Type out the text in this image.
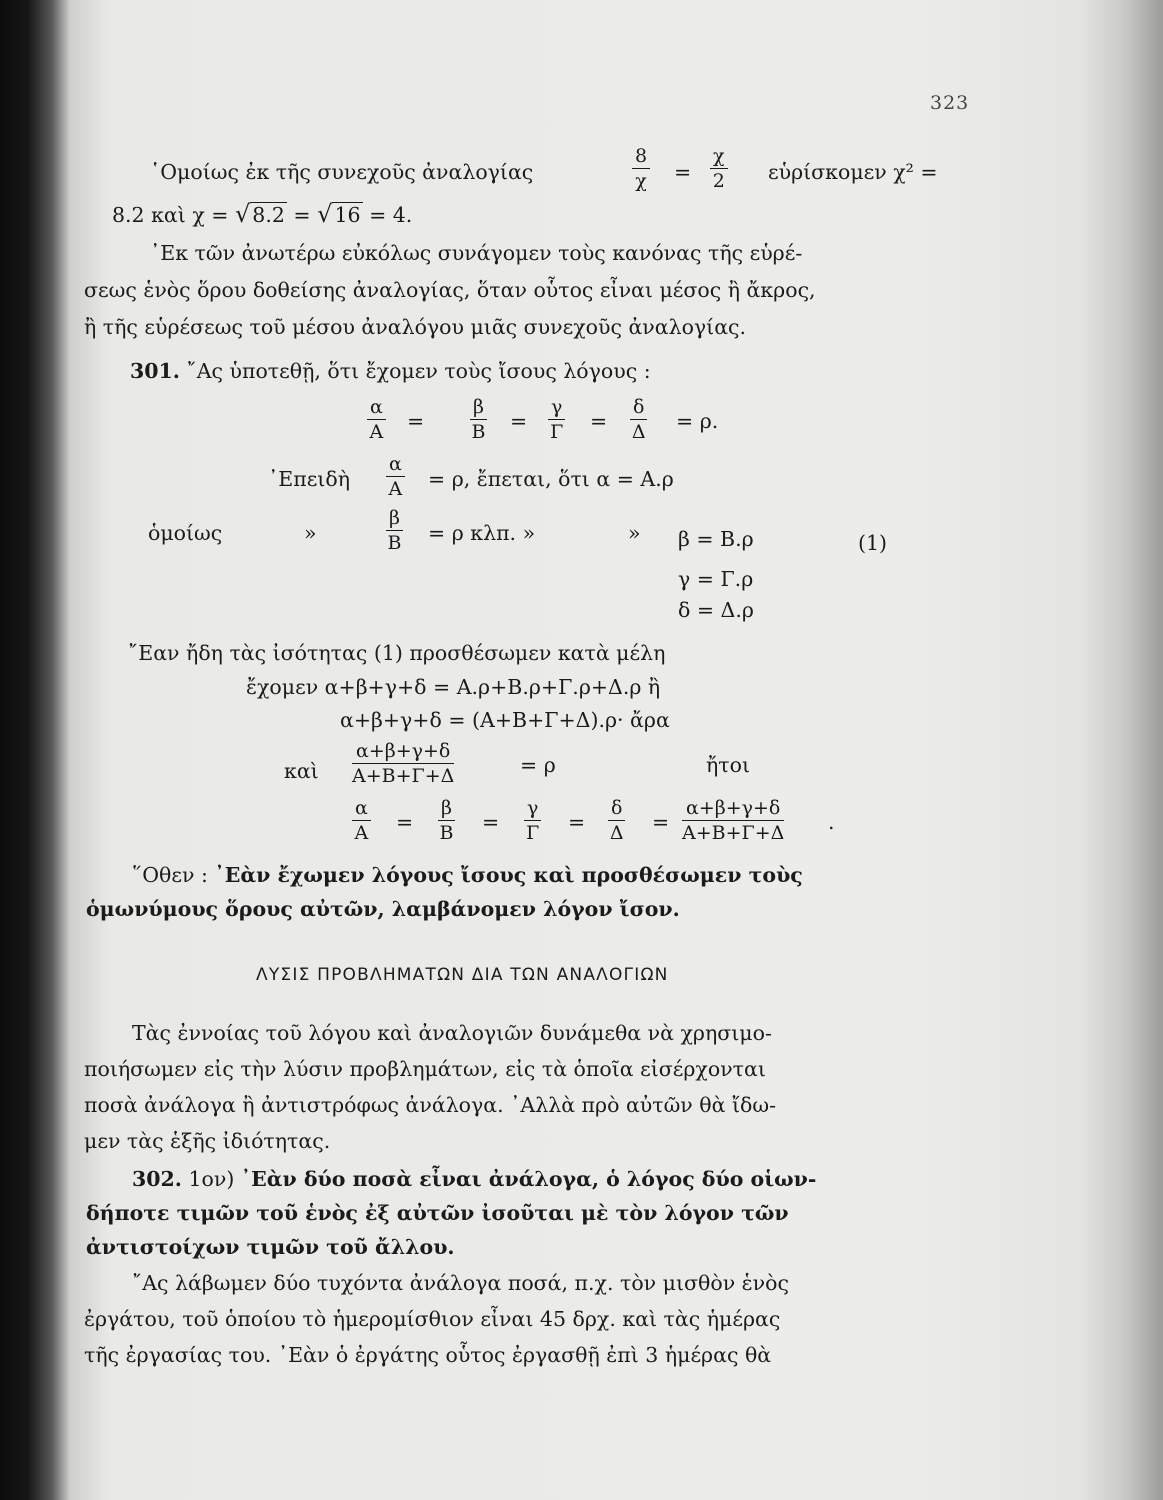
323
῾Ομοίως ἐκ τῆς συνεχοῦς ἀναλογίας	$\frac{8}{\chi} = \frac{\chi}{2}$ εὑρίσκομεν χ² =
8.2 καὶ χ = √8.2 = √16 = 4.
᾿Εκ τῶν ἀνωτέρω εὐκόλως συνάγομεν τοὺς κανόνας τῆς εὑρέ-
σεως ἑνὸς ὅρου δοθείσης ἀναλογίας, ὅταν οὗτος εἶναι μέσος ἢ ἄκρος,
ἢ τῆς εὑρέσεως τοῦ μέσου ἀναλόγου μιᾶς συνεχοῦς ἀναλογίας.
301. ῎Ας ὑποτεθῇ, ὅτι ἔχομεν τοὺς ἴσους λόγους :
$\frac{\alpha}{A} = \frac{\beta}{B} = \frac{\gamma}{\Gamma} = \frac{\delta}{\Delta} = \rho$.
᾿Επειδὴ $\frac{\alpha}{A} = \rho$, ἔπεται, ὅτι α = Α.ρ
ὁμοίως	»	$\frac{\beta}{B} = \rho$ κλπ. »	» β = Β.ρ	(1)
γ = Γ.ρ
δ = Δ.ρ
῎Εαν ἤδη τὰς ἰσότητας (1) προσθέσωμεν κατὰ μέλη
ἔχομεν α+β+γ+δ = Α.ρ+Β.ρ+Γ.ρ+Δ.ρ ἢ
α+β+γ+δ = (Α+Β+Γ+Δ).ρ· ἄρα
καὶ $\frac{\alpha+\beta+\gamma+\delta}{A+B+\Gamma+\Delta}$	= ρ	ἤτοι
$\frac{\alpha}{A} = \frac{\beta}{B} = \frac{\gamma}{\Gamma} = \frac{\delta}{\Delta} = \frac{\alpha+\beta+\gamma+\delta}{A+B+\Gamma+\Delta}$ .
῞Οθεν : ᾿Εὰν ἔχωμεν λόγους ἴσους καὶ προσθέσωμεν τοὺς
ὁμωνύμους ὅρους αὐτῶν, λαμβάνομεν λόγον ἴσον.
ΛΥΣΙΣ ΠΡΟΒΛΗΜΑΤΩΝ ΔΙΑ ΤΩΝ ΑΝΑΛΟΓΙΩΝ
Τὰς ἐννοίας τοῦ λόγου καὶ ἀναλογιῶν δυνάμεθα νὰ χρησιμο-
ποιήσωμεν εἰς τὴν λύσιν προβλημάτων, εἰς τὰ ὁποῖα εἰσέρχονται
ποσὰ ἀνάλογα ἢ ἀντιστρόφως ἀνάλογα. ᾿Αλλὰ πρὸ αὐτῶν θὰ ἴδω-
μεν τὰς ἑξῆς ἰδιότητας.
302. 1ον) ᾿Εὰν δύο ποσὰ εἶναι ἀνάλογα, ὁ λόγος δύο οἱων-
δήποτε τιμῶν τοῦ ἑνὸς ἐξ αὐτῶν ἰσοῦται μὲ τὸν λόγον τῶν
ἀντιστοίχων τιμῶν τοῦ ἄλλου.
῎Ας λάβωμεν δύο τυχόντα ἀνάλογα ποσά, π.χ. τὸν μισθὸν ἑνὸς
ἐργάτου, τοῦ ὁποίου τὸ ἡμερομίσθιον εἶναι 45 δρχ. καὶ τὰς ἡμέρας
τῆς ἐργασίας του. ᾿Εὰν ὁ ἐργάτης οὗτος ἐργασθῇ ἐπὶ 3 ἡμέρας θὰ
